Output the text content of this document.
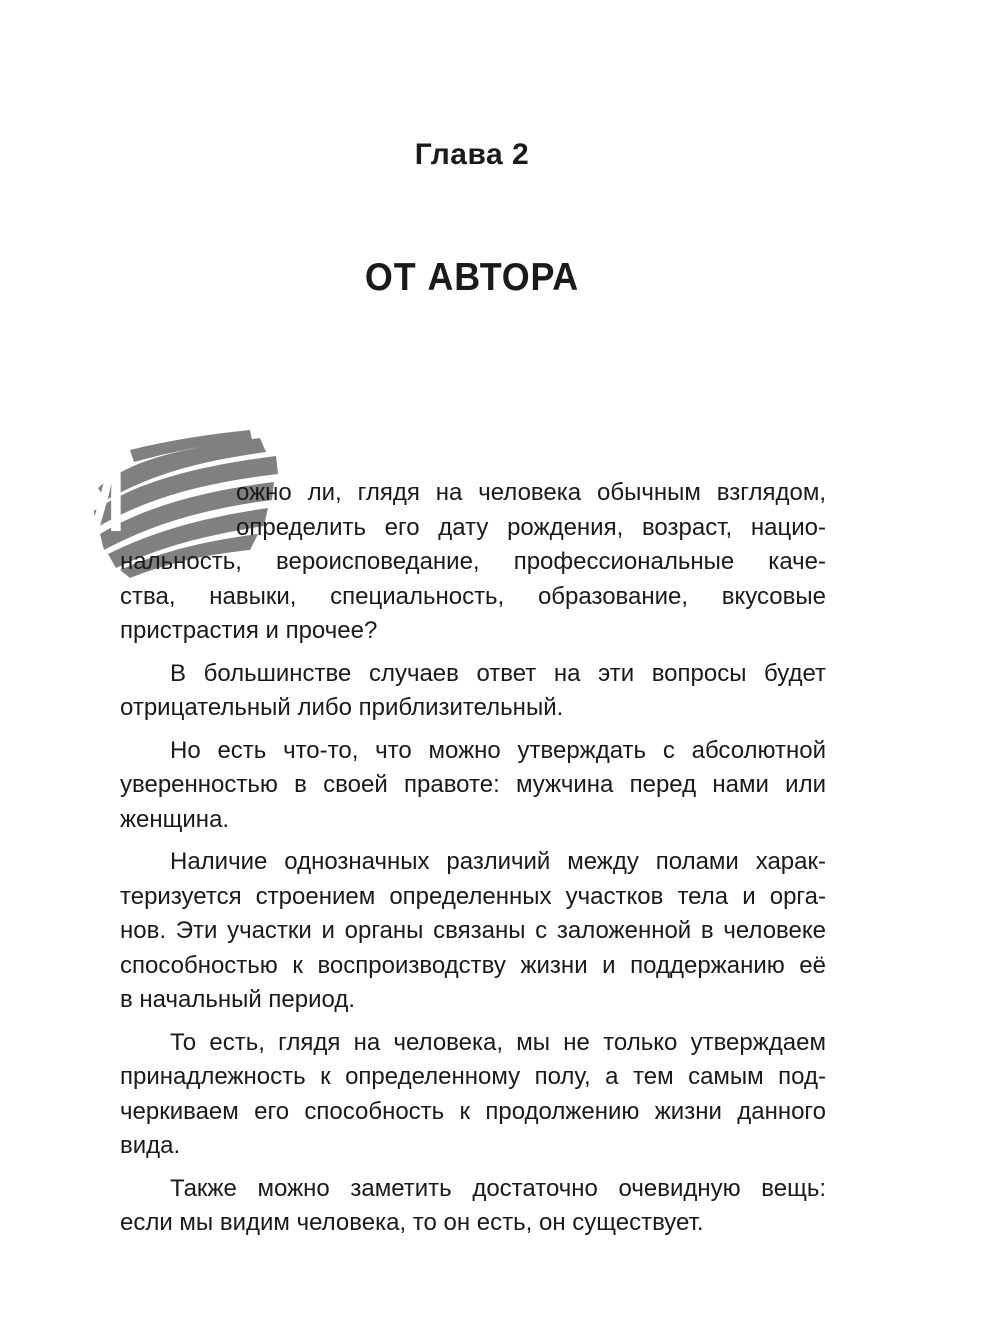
Глава 2
ОТ АВТОРА
М	ожно ли, глядя на человека обычным взглядом,
определить его дату рождения, возраст, нацио-
нальность, вероисповедание, профессиональные каче-
ства, навыки, специальность, образование, вкусовые
пристрастия и прочее?
В большинстве случаев ответ на эти вопросы будет
отрицательный либо приблизительный.
Но есть что-то, что можно утверждать с абсолютной
уверенностью в своей правоте: мужчина перед нами или
женщина.
Наличие однозначных различий между полами харак-
теризуется строением определенных участков тела и орга-
нов. Эти участки и органы связаны с заложенной в человеке
способностью к воспроизводству жизни и поддержанию её
в начальный период.
То есть, глядя на человека, мы не только утверждаем
принадлежность к определенному полу, а тем самым под-
черкиваем его способность к продолжению жизни данного
вида.
Также можно заметить достаточно очевидную вещь:
если мы видим человека, то он есть, он существует.
